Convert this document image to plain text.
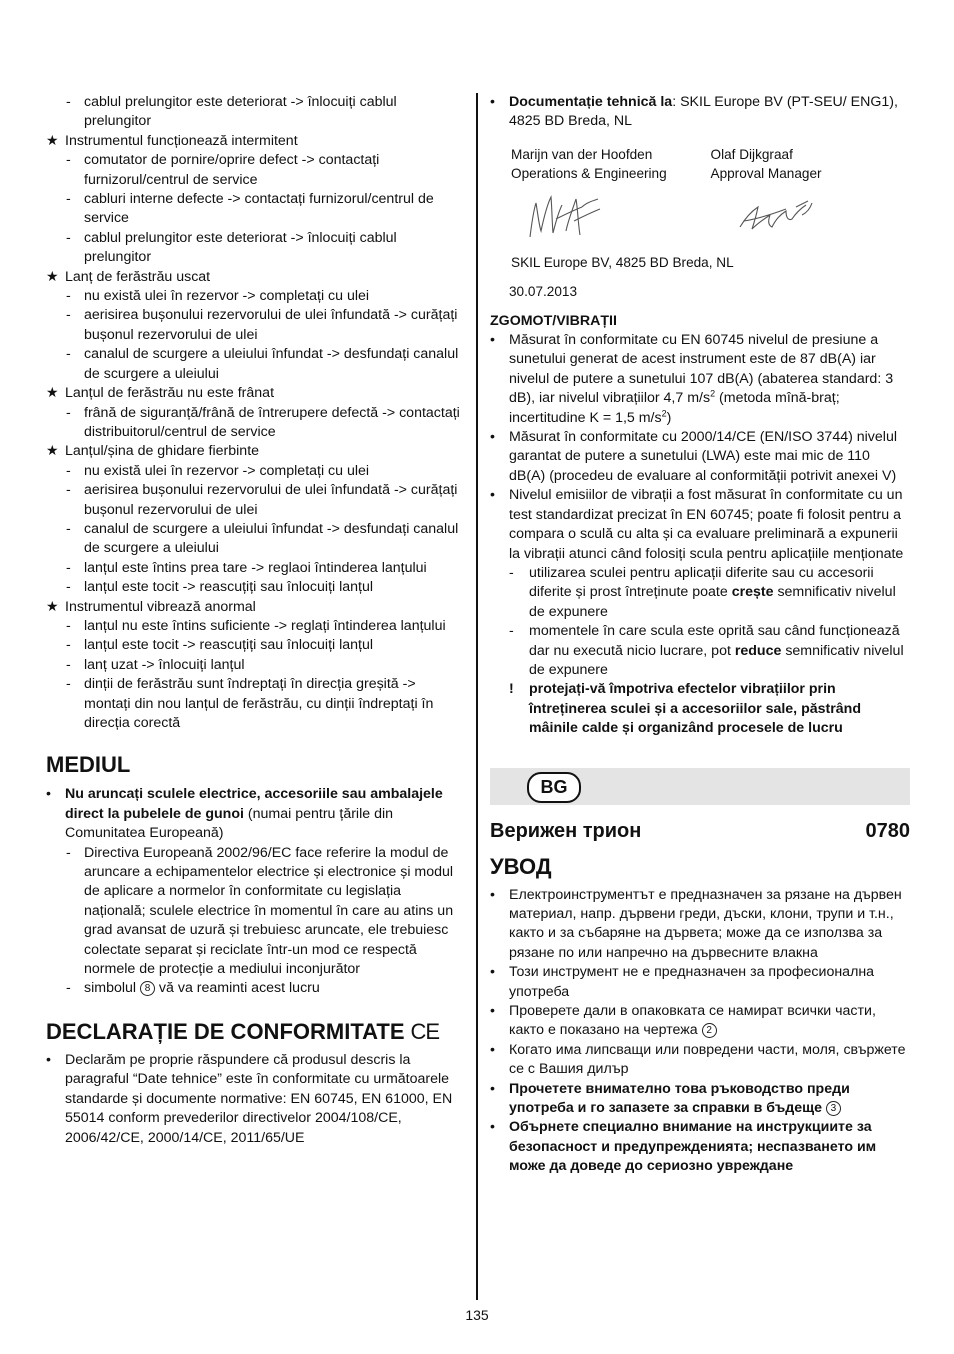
- cablul prelungitor este deteriorat -> înlocuiți cablul prelungitor
★ Instrumentul funcționează intermitent
- comutator de pornire/oprire defect -> contactați furnizorul/centrul de service
- cabluri interne defecte -> contactați furnizorul/centrul de service
- cablul prelungitor este deteriorat -> înlocuiți cablul prelungitor
★ Lanț de ferăstrău uscat
- nu există ulei în rezervor -> completați cu ulei
- aerisirea bușonului rezervorului de ulei înfundată -> curățați bușonul rezervorului de ulei
- canalul de scurgere a uleiului înfundat -> desfundați canalul de scurgere a uleiului
★ Lanțul de ferăstrău nu este frânat
- frână de siguranță/frână de întrerupere defectă -> contactați distribuitorul/centrul de service
★ Lanțul/șina de ghidare fierbinte
- nu există ulei în rezervor -> completați cu ulei
- aerisirea bușonului rezervorului de ulei înfundată -> curățați bușonul rezervorului de ulei
- canalul de scurgere a uleiului înfundat -> desfundați canalul de scurgere a uleiului
- lanțul este întins prea tare -> reglaoi întinderea lanțului
- lanțul este tocit -> reascuțiți sau înlocuiți lanțul
★ Instrumentul vibrează anormal
- lanțul nu este întins suficiente -> reglați întinderea lanțului
- lanțul este tocit -> reascuțiți sau înlocuiți lanțul
- lanț uzat -> înlocuiți lanțul
- dinții de ferăstrău sunt îndreptați în direcția greșită -> montați din nou lanțul de ferăstrău, cu dinții îndreptați în direcția corectă
MEDIUL
• Nu aruncați sculele electrice, accesoriile sau ambalajele direct la pubelele de gunoi (numai pentru țările din Comunitatea Europeană)
- Directiva Europeană 2002/96/EC face referire la modul de aruncare a echipamentelor electrice și electronice și modul de aplicare a normelor în conformitate cu legislația națională; sculele electrice în momentul în care au atins un grad avansat de uzură și trebuiesc aruncate, ele trebuiesc colectate separat și reciclate într-un mod ce respectă normele de protecție a mediului inconjurător
- simbolul 8 vă va reaminti acest lucru
DECLARAȚIE DE CONFORMITATE CE
• Declarăm pe proprie răspundere că produsul descris la paragraful “Date tehnice” este în conformitate cu următoarele standarde și documente normative: EN 60745, EN 61000, EN 55014 conform prevederilor directivelor 2004/108/CE, 2006/42/CE, 2000/14/CE, 2011/65/UE
• Documentație tehnică la: SKIL Europe BV (PT-SEU/ ENG1), 4825 BD Breda, NL
Marijn van der Hoofden
Operations & Engineering
Olaf Dijkgraaf
Approval Manager
SKIL Europe BV, 4825 BD Breda, NL
30.07.2013
ZGOMOT/VIBRAȚII
• Măsurat în conformitate cu EN 60745 nivelul de presiune a sunetului generat de acest instrument este de 87 dB(A) iar nivelul de putere a sunetului 107 dB(A) (abaterea standard: 3 dB), iar nivelul vibrațiilor 4,7 $m/s^2$ (metoda mînă-braț; incertitudine K = 1,5 $m/s^2$)
• Măsurat în conformitate cu 2000/14/CE (EN/ISO 3744) nivelul garantat de putere a sunetului (LWA) este mai mic de 110 dB(A) (procedeu de evaluare al conformității potrivit anexei V)
• Nivelul emisiilor de vibrații a fost măsurat în conformitate cu un test standardizat precizat în EN 60745; poate fi folosit pentru a compara o sculă cu alta și ca evaluare preliminară a expunerii la vibrații atunci când folosiți scula pentru aplicațiile menționate
-	utilizarea sculei pentru aplicații diferite sau cu accesorii diferite și prost întreținute poate crește semnificativ nivelul de expunere
-	momentele în care scula este oprită sau când funcționează dar nu execută nicio lucrare, pot reduce semnificativ nivelul de expunere
!	protejați-vă împotriva efectelor vibrațiilor prin întreținerea sculei și a accesoriilor sale, păstrând mâinile calde și organizând procesele de lucru
BG
Верижен трион	0780
УВОД
• Електроинструментът е предназначен за рязане на дървен материал, напр. дървени греди, дъски, клони, трупи и т.н., както и за събаряне на дървета; може да се използва за рязане по или напречно на дървесните влакна
• Този инструмент не е предназначен за професионална употреба
• Проверете дали в опаковката се намират всички части, както е показано на чертежа 2
• Когато има липсващи или повредени части, моля, свържете се с Вашия дилър
• Прочетете внимателно това ръководство преди употреба и го запазете за справки в бъдеще 3
• Обърнете специално внимание на инструкциите за безопасност и предупрежденията; неспазването им може да доведе до сериозно увреждане
135
